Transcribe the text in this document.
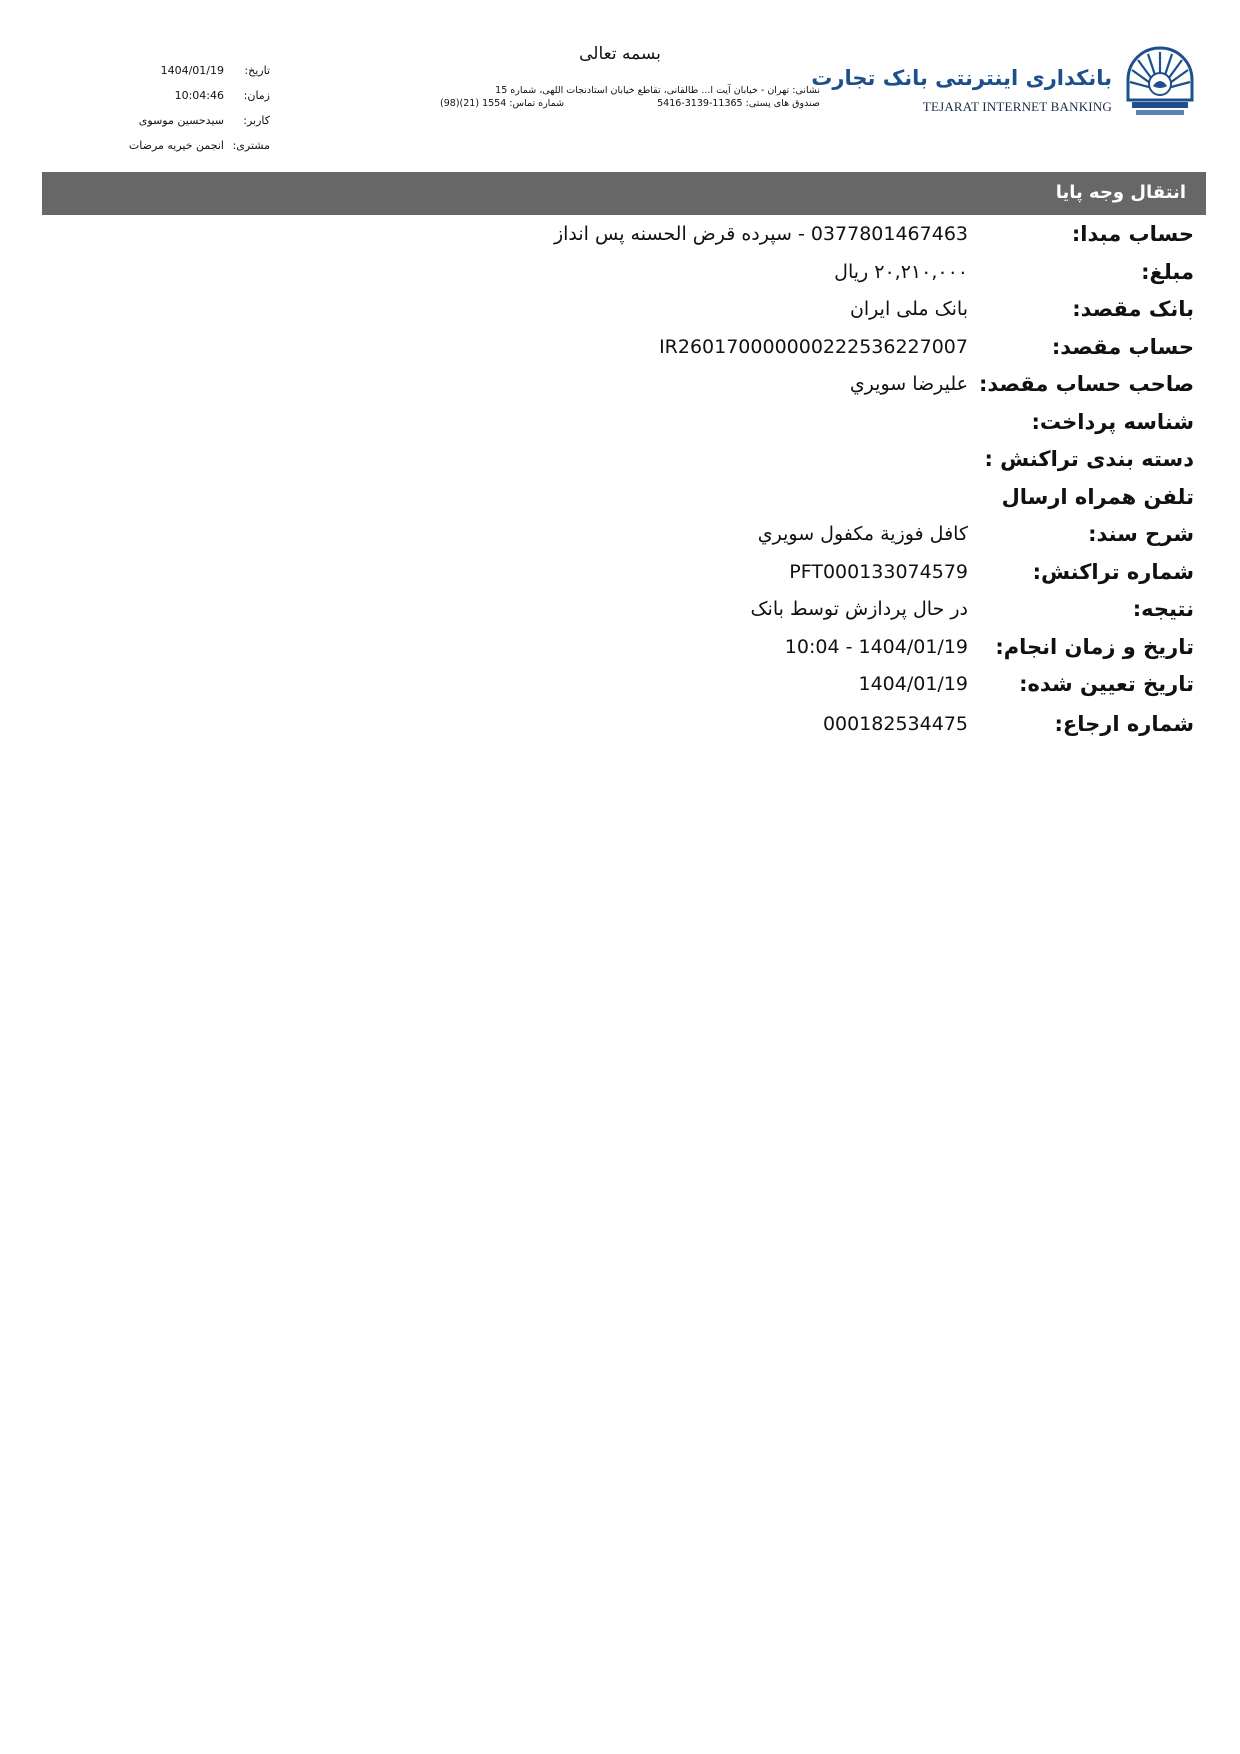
بانکداری اینترنتی بانک تجارت
TEJARAT INTERNET BANKING
بسمه تعالی
نشانی: تهران - خیابان آیت ا... طالقانی، تقاطع خیابان استادنجات اللهی، شماره 15
صندوق های پستی: 11365-3139-5416
شماره تماس: 1554 (21)(98)
تاریخ:
1404/01/19
زمان:
10:04:46
کاربر:
سیدحسین موسوی
مشتری:
انجمن خیریه مرضات
انتقال وجه پایا
حساب مبدا:
0377801467463 - سپرده قرض الحسنه پس انداز
مبلغ:
۲۰,۲۱۰,۰۰۰ ریال
بانک مقصد:
بانک ملی ایران
حساب مقصد:
IR260170000000222536227007
صاحب حساب مقصد:
عليرضا سويري
شناسه پرداخت:
دسته بندی تراکنش :
تلفن همراه ارسال
شرح سند:
كافل فوزية مكفول سويري
شماره تراکنش:
PFT000133074579
نتیجه:
در حال پردازش توسط بانک
تاریخ و زمان انجام:
1404/01/19 - 10:04
تاریخ تعیین شده:
1404/01/19
شماره ارجاع:
000182534475
